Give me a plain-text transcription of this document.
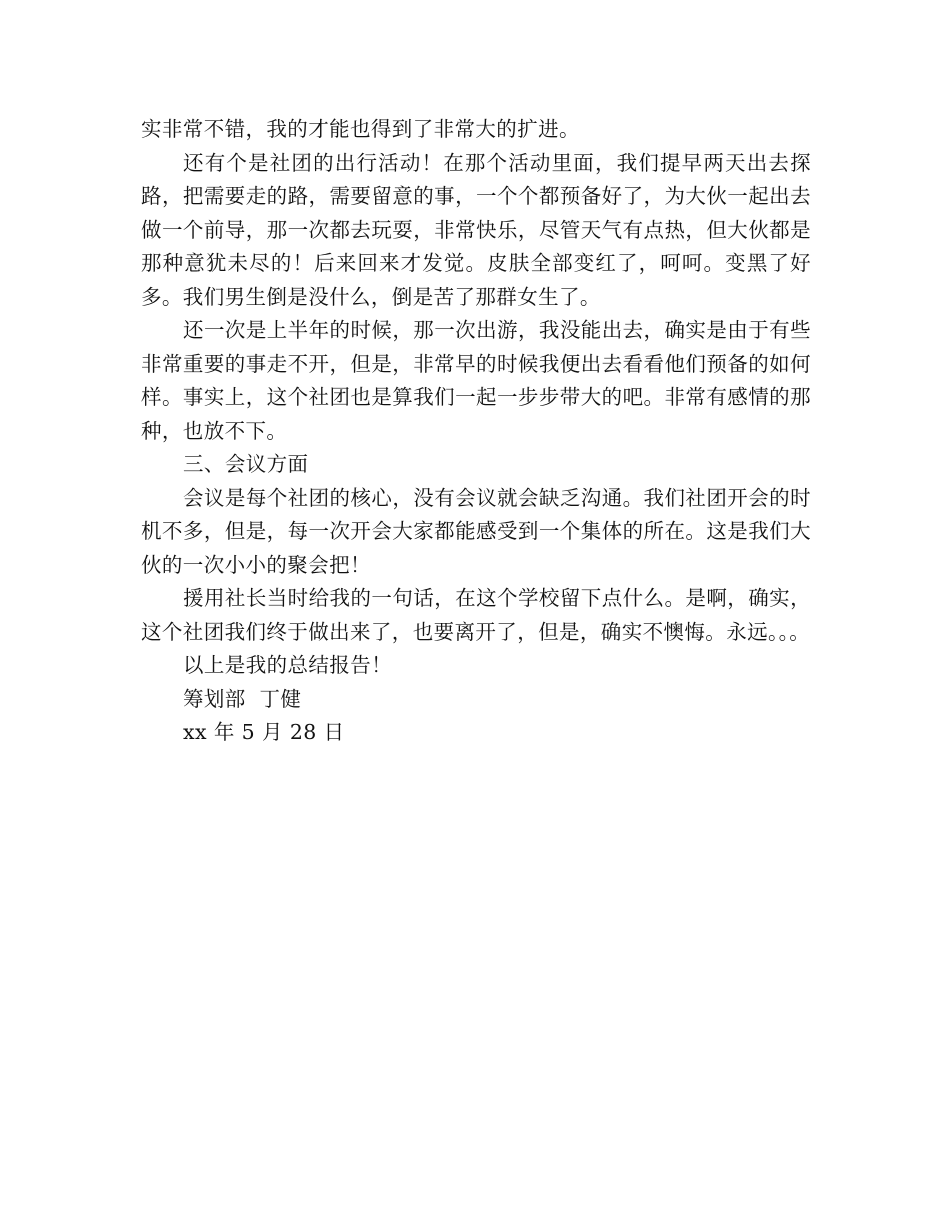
实非常不错，我的才能也得到了非常大的扩进。

还有个是社团的出行活动！在那个活动里面，我们提早两天出去探路，把需要走的路，需要留意的事，一个个都预备好了，为大伙一起出去做一个前导，那一次都去玩耍，非常快乐，尽管天气有点热，但大伙都是那种意犹未尽的！后来回来才发觉。皮肤全部变红了，呵呵。变黑了好多。我们男生倒是没什么，倒是苦了那群女生了。

还一次是上半年的时候，那一次出游，我没能出去，确实是由于有些非常重要的事走不开，但是，非常早的时候我便出去看看他们预备的如何样。事实上，这个社团也是算我们一起一步步带大的吧。非常有感情的那种，也放不下。

三、会议方面

会议是每个社团的核心，没有会议就会缺乏沟通。我们社团开会的时机不多，但是，每一次开会大家都能感受到一个集体的所在。这是我们大伙的一次小小的聚会把！

援用社长当时给我的一句话，在这个学校留下点什么。是啊，确实，这个社团我们终于做出来了，也要离开了，但是，确实不懊悔。永远。。。

以上是我的总结报告！

筹划部  丁健

xx 年 5 月 28 日
